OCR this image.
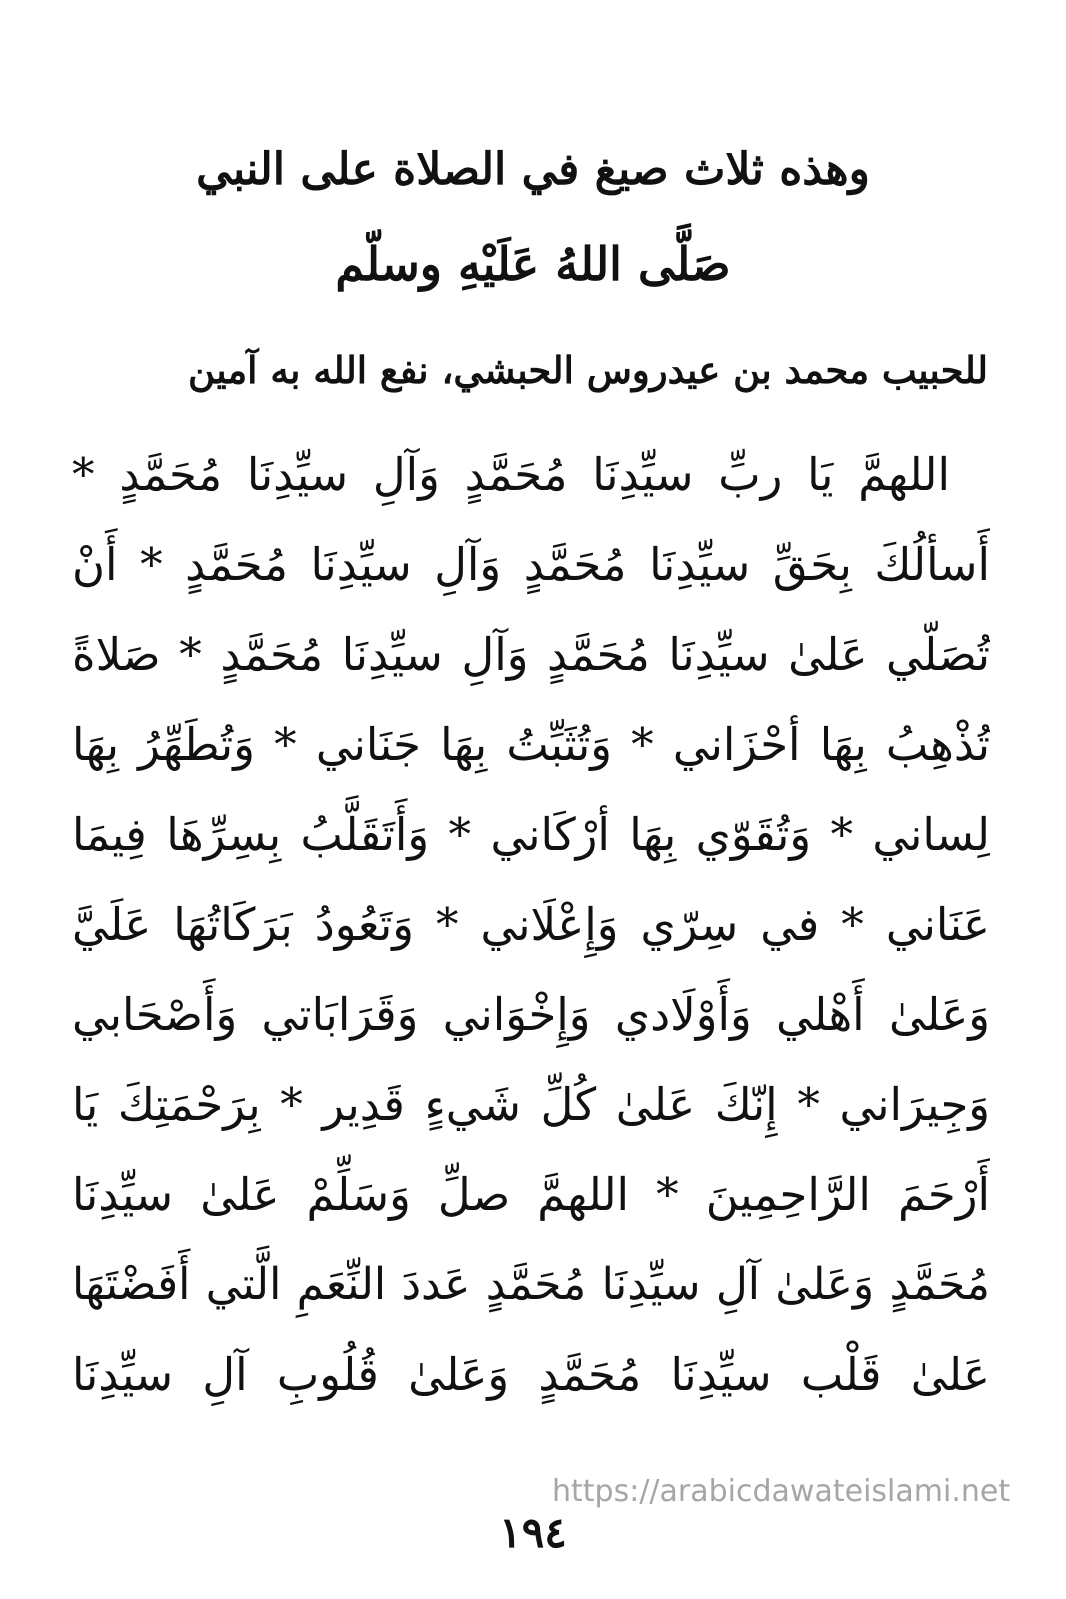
وهذه ثلاث صيغ في الصلاة على النبي
صَلَّى اللهُ عَلَيْهِ وسلّم
للحبيب محمد بن عيدروس الحبشي، نفع الله به آمين
اللهمَّ يَا ربِّ سيِّدِنَا مُحَمَّدٍ وَآلِ سيِّدِنَا مُحَمَّدٍ *
أَسألُكَ بِحَقِّ سيِّدِنَا مُحَمَّدٍ وَآلِ سيِّدِنَا مُحَمَّدٍ * أَنْ
تُصَلّي عَلىٰ سيِّدِنَا مُحَمَّدٍ وَآلِ سيِّدِنَا مُحَمَّدٍ * صَلاةً
تُذْهِبُ بِهَا أحْزَاني * وَتُثَبِّتُ بِهَا جَنَاني * وَتُطَهِّرُ بِهَا
لِساني * وَتُقَوّي بِهَا أرْكَاني * وَأَتَقَلَّبُ بِسِرِّهَا فِيمَا
عَنَاني * في سِرّي وَإِعْلَاني * وَتَعُودُ بَرَكَاتُهَا عَلَيَّ
وَعَلىٰ أَهْلي وَأَوْلَادي وَإِخْوَاني وَقَرَابَاتي وَأَصْحَابي
وَجِيرَاني * إِنّكَ عَلىٰ كُلِّ شَيءٍ قَدِير * بِرَحْمَتِكَ يَا
أَرْحَمَ الرَّاحِمِينَ * اللهمَّ صلِّ وَسَلِّمْ عَلىٰ سيِّدِنَا
مُحَمَّدٍ وَعَلىٰ آلِ سيِّدِنَا مُحَمَّدٍ عَددَ النِّعَمِ الَّتي أَفَضْتَهَا
عَلىٰ قَلْب سيِّدِنَا مُحَمَّدٍ وَعَلىٰ قُلُوبِ آلِ سيِّدِنَا
https://arabicdawateislami.net
١٩٤
